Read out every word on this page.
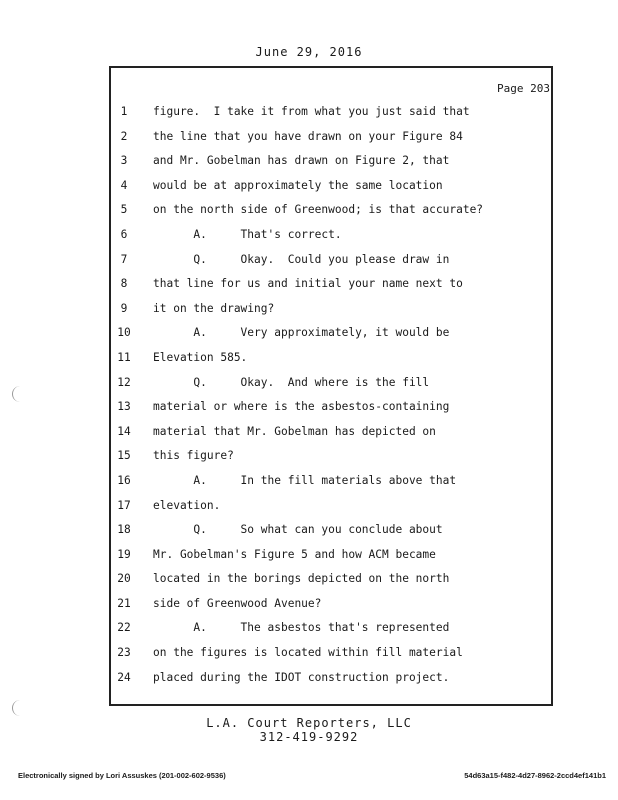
June 29, 2016
Page 203
1
2
3
4
5
6
7
8
9
10
11
12
13
14
15
16
17
18
19
20
21
22
23
24
figure.  I take it from what you just said that
the line that you have drawn on your Figure 84
and Mr. Gobelman has drawn on Figure 2, that
would be at approximately the same location
on the north side of Greenwood; is that accurate?
A.     That's correct.
Q.     Okay.  Could you please draw in
that line for us and initial your name next to
it on the drawing?
A.     Very approximately, it would be
Elevation 585.
Q.     Okay.  And where is the fill
material or where is the asbestos-containing
material that Mr. Gobelman has depicted on
this figure?
A.     In the fill materials above that
elevation.
Q.     So what can you conclude about
Mr. Gobelman's Figure 5 and how ACM became
located in the borings depicted on the north
side of Greenwood Avenue?
A.     The asbestos that's represented
on the figures is located within fill material
placed during the IDOT construction project.
L.A. Court Reporters, LLC
312-419-9292
Electronically signed by Lori Assuskes (201-002-602-9536)	54d63a15-f482-4d27-8962-2ccd4ef141b1
